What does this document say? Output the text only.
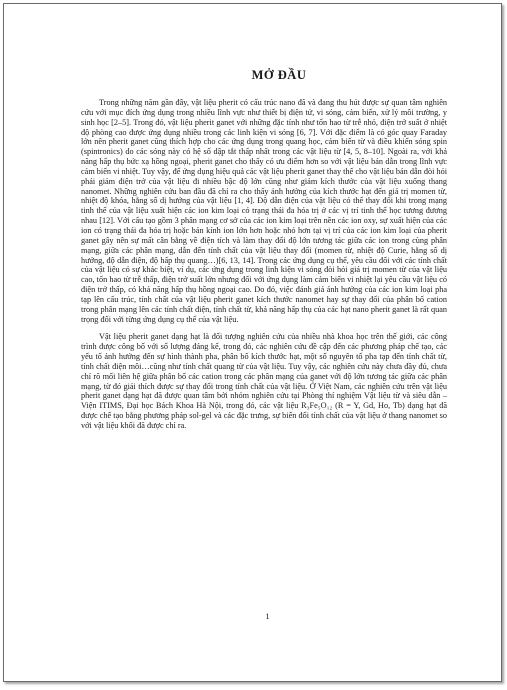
MỞ ĐẦU

Trong những năm gần đây, vật liệu pherit có cấu trúc nano đã và đang thu hút được sự quan tâm nghiên cứu với mục đích ứng dụng trong nhiều lĩnh vực như thiết bị điện tử, vi sóng, cảm biến, xử lý môi trường, y sinh học [2–5]. Trong đó, vật liệu pherit ganet với những đặc tính như tổn hao từ trễ nhỏ, điện trở suất ở nhiệt độ phòng cao được ứng dụng nhiều trong các linh kiện vi sóng [6, 7]. Với đặc điểm là có góc quay Faraday lớn nên pherit ganet cũng thích hợp cho các ứng dụng trong quang học, cảm biến từ và điều khiển sóng spin (spintronics) do các sóng này có hệ số dập tắt thấp nhất trong các vật liệu từ [4, 5, 8–10]. Ngoài ra, với khả năng hấp thụ bức xạ hồng ngoại, pherit ganet cho thấy có ưu điểm hơn so với vật liệu bán dẫn trong lĩnh vực cảm biến vi nhiệt. Tuy vậy, để ứng dụng hiệu quả các vật liệu pherit ganet thay thế cho vật liệu bán dẫn đòi hỏi phải giảm điện trở của vật liệu đi nhiều bậc độ lớn cũng như giảm kích thước của vật liệu xuống thang nanomet. Những nghiên cứu ban đầu đã chỉ ra cho thấy ảnh hưởng của kích thước hạt đến giá trị momen từ, nhiệt độ khóa, hằng số dị hướng của vật liệu [1, 4]. Độ dẫn điện của vật liệu có thể thay đổi khi trong mạng tinh thể của vật liệu xuất hiện các ion kim loại có trạng thái đa hóa trị ở các vị trí tinh thể học tương đương nhau [12]. Với cấu tạo gồm 3 phân mạng cơ sở của các ion kim loại trên nền các ion oxy, sự xuất hiện của các ion có trạng thái đa hóa trị hoặc bán kính ion lớn hơn hoặc nhỏ hơn tại vị trí của các ion kim loại của pherit ganet gây nên sự mất cân bằng về điện tích và làm thay đổi độ lớn tương tác giữa các ion trong cùng phân mạng, giữa các phân mạng, dẫn đến tính chất của vật liệu thay đổi (momen từ, nhiệt độ Curie, hằng số dị hướng, độ dẫn điện, độ hấp thụ quang…)[6, 13, 14]. Trong các ứng dụng cụ thể, yêu cầu đối với các tính chất của vật liệu có sự khác biệt, ví dụ, các ứng dụng trong linh kiện vi sóng đòi hỏi giá trị momen từ của vật liệu cao, tổn hao từ trễ thấp, điện trở suất lớn nhưng đối với ứng dụng làm cảm biến vi nhiệt lại yêu cầu vật liệu có điện trở thấp, có khả năng hấp thụ hồng ngoại cao. Do đó, việc đánh giá ảnh hưởng của các ion kim loại pha tạp lên cấu trúc, tính chất của vật liệu pherit ganet kích thước nanomet hay sự thay đổi của phân bố cation trong phân mạng lên các tính chất điện, tính chất từ, khả năng hấp thụ của các hạt nano pherit ganet là rất quan trọng đối với từng ứng dụng cụ thể của vật liệu.

Vật liệu pherit ganet dạng hạt là đối tượng nghiên cứu của nhiều nhà khoa học trên thế giới, các công trình được công bố với số lượng đáng kể, trong đó, các nghiên cứu đề cập đến các phương pháp chế tạo, các yếu tố ảnh hưởng đến sự hình thành pha, phân bố kích thước hạt, một số nguyên tố pha tạp đến tính chất từ, tính chất điện môi…cũng như tính chất quang từ của vật liệu. Tuy vậy, các nghiên cứu này chưa đầy đủ, chưa chỉ rõ mối liên hệ giữa phân bố các cation trong các phân mạng của ganet với độ lớn tương tác giữa các phân mạng, từ đó giải thích được sự thay đổi trong tính chất của vật liệu. Ở Việt Nam, các nghiên cứu trên vật liệu pherit ganet dạng hạt đã được quan tâm bởi nhóm nghiên cứu tại Phòng thí nghiệm Vật liệu từ và siêu dẫn – Viện ITIMS, Đại học Bách Khoa Hà Nội, trong đó, các vật liệu R₃Fe₅O₁₂ (R = Y, Gd, Ho, Tb) dạng hạt đã được chế tạo bằng phương pháp sol-gel và các đặc trưng, sự biến đổi tính chất của vật liệu ở thang nanomet so với vật liệu khối đã được chỉ ra.

1
